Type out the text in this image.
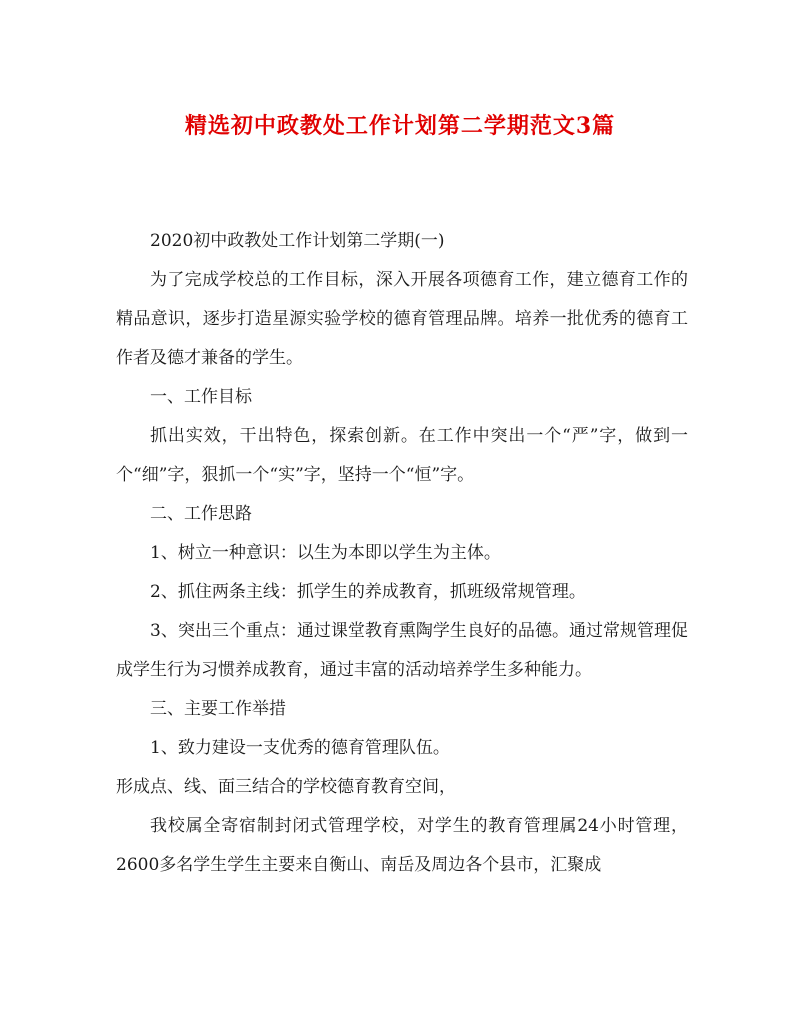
精选初中政教处工作计划第二学期范文3篇

2020初中政教处工作计划第二学期(一)

为了完成学校总的工作目标，深入开展各项德育工作，建立德育工作的精品意识，逐步打造星源实验学校的德育管理品牌。培养一批优秀的德育工作者及德才兼备的学生。

一、工作目标

抓出实效，干出特色，探索创新。在工作中突出一个“严”字，做到一个“细”字，狠抓一个“实”字，坚持一个“恒”字。

二、工作思路

1、树立一种意识：以生为本即以学生为主体。

2、抓住两条主线：抓学生的养成教育，抓班级常规管理。

3、突出三个重点：通过课堂教育熏陶学生良好的品德。通过常规管理促成学生行为习惯养成教育，通过丰富的活动培养学生多种能力。

三、主要工作举措

1、致力建设一支优秀的德育管理队伍。

形成点、线、面三结合的学校德育教育空间，

我校属全寄宿制封闭式管理学校，对学生的教育管理属24小时管理，2600多名学生学生主要来自衡山、南岳及周边各个县市，汇聚成
